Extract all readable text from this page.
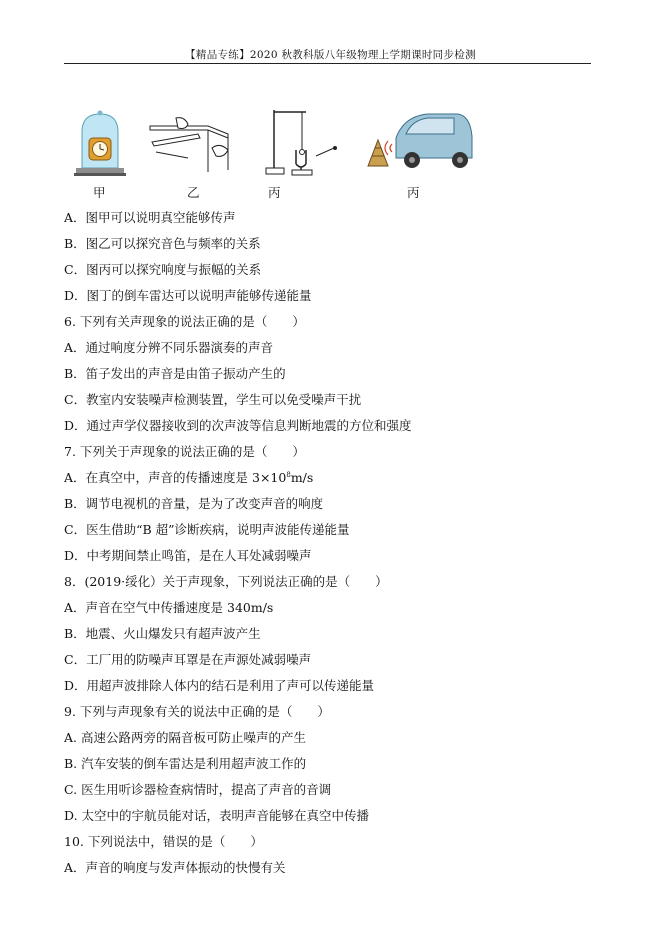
【精品专练】2020 秋教科版八年级物理上学期课时同步检测
甲	乙	丙	丙
A．图甲可以说明真空能够传声
B．图乙可以探究音色与频率的关系
C．图丙可以探究响度与振幅的关系
D．图丁的倒车雷达可以说明声能够传递能量
6. 下列有关声现象的说法正确的是（　　）
A．通过响度分辨不同乐器演奏的声音
B．笛子发出的声音是由笛子振动产生的
C．教室内安装噪声检测装置，学生可以免受噪声干扰
D．通过声学仪器接收到的次声波等信息判断地震的方位和强度
7. 下列关于声现象的说法正确的是（　　）
A．在真空中，声音的传播速度是 $3\times 10^8m/s$
B．调节电视机的音量，是为了改变声音的响度
C．医生借助“B 超”诊断疾病，说明声波能传递能量
D．中考期间禁止鸣笛，是在人耳处减弱噪声
8．(2019·绥化）关于声现象，下列说法正确的是（　　）
A．声音在空气中传播速度是 340m/s
B．地震、火山爆发只有超声波产生
C．工厂用的防噪声耳罩是在声源处减弱噪声
D．用超声波排除人体内的结石是利用了声可以传递能量
9. 下列与声现象有关的说法中正确的是（　　）
A. 高速公路两旁的隔音板可防止噪声的产生
B. 汽车安装的倒车雷达是利用超声波工作的
C. 医生用听诊器检查病情时，提高了声音的音调
D. 太空中的宇航员能对话，表明声音能够在真空中传播
10. 下列说法中，错误的是（　　）
A．声音的响度与发声体振动的快慢有关
